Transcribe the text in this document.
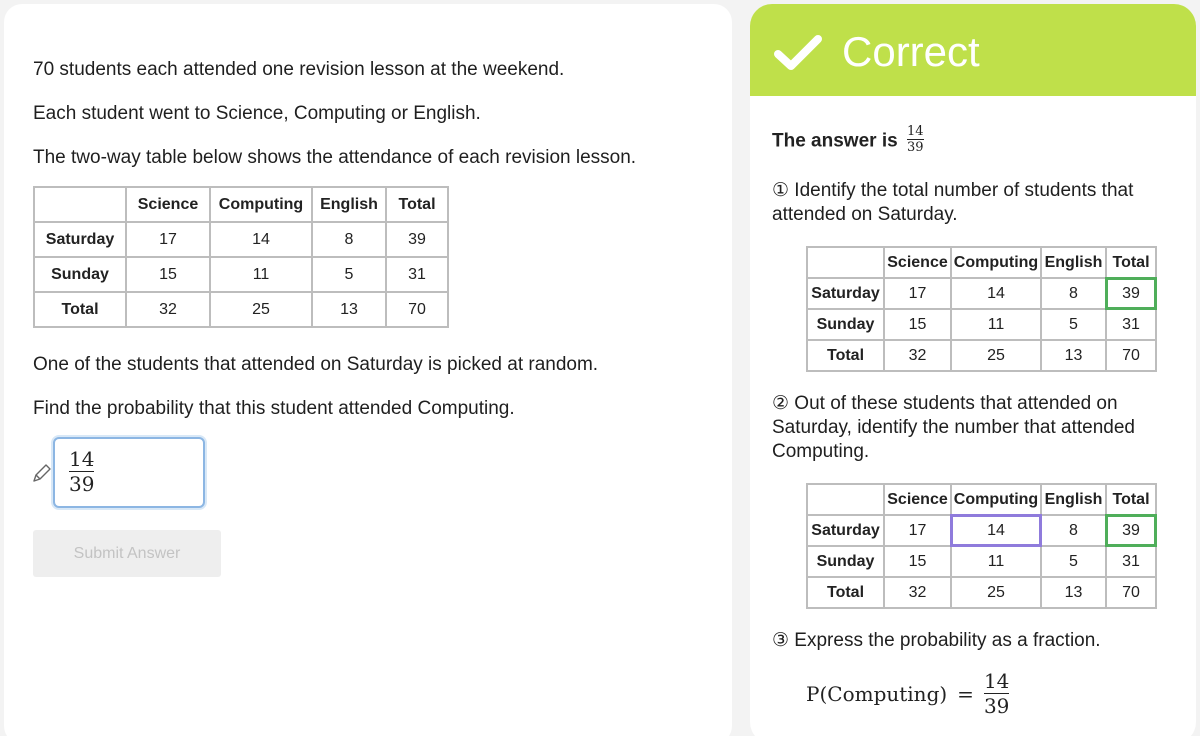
70 students each attended one revision lesson at the weekend.
Each student went to Science, Computing or English.
The two-way table below shows the attendance of each revision lesson.
	Science	Computing	English	Total
Saturday	17	14	8	39
Sunday	15	11	5	31
Total	32	25	13	70
One of the students that attended on Saturday is picked at random.
Find the probability that this student attended Computing.
14
39
Submit Answer
Correct
The answer is $\frac{14}{39}$
① Identify the total number of students that attended on Saturday.
	Science	Computing	English	Total
Saturday	17	14	8	39
Sunday	15	11	5	31
Total	32	25	13	70
② Out of these students that attended on Saturday, identify the number that attended Computing.
	Science	Computing	English	Total
Saturday	17	14	8	39
Sunday	15	11	5	31
Total	32	25	13	70
③ Express the probability as a fraction.
P(Computing) = $\frac{14}{39}$
